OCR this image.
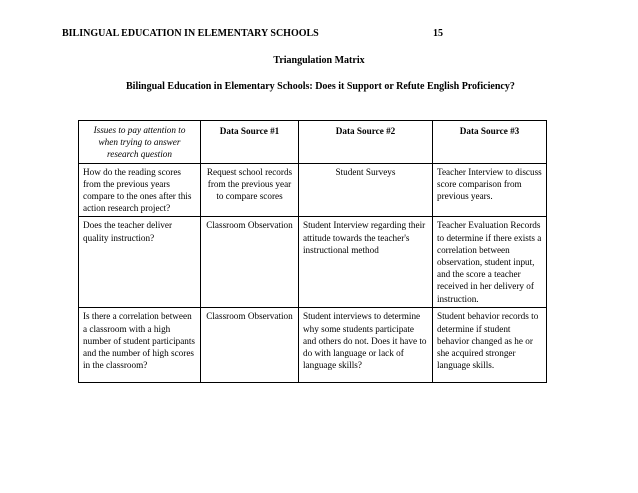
BILINGUAL EDUCATION IN ELEMENTARY SCHOOLS	15
Triangulation Matrix
Bilingual Education in Elementary Schools: Does it Support or Refute English Proficiency?
Issues to pay attention to when trying to answer research question	Data Source #1	Data Source #2	Data Source #3
How do the reading scores from the previous years compare to the ones after this action research project?	Request school records from the previous year to compare scores	Student Surveys	Teacher Interview to discuss score comparison from previous years.
Does the teacher deliver quality instruction?	Classroom Observation	Student Interview regarding their attitude towards the teacher's instructional method	Teacher Evaluation Records to determine if there exists a correlation between observation, student input, and the score a teacher received in her delivery of instruction.
Is there a correlation between a classroom with a high number of student participants and the number of high scores in the classroom?	Classroom Observation	Student interviews to determine why some students participate and others do not. Does it have to do with language or lack of language skills?	Student behavior records to determine if student behavior changed as he or she acquired stronger language skills.
